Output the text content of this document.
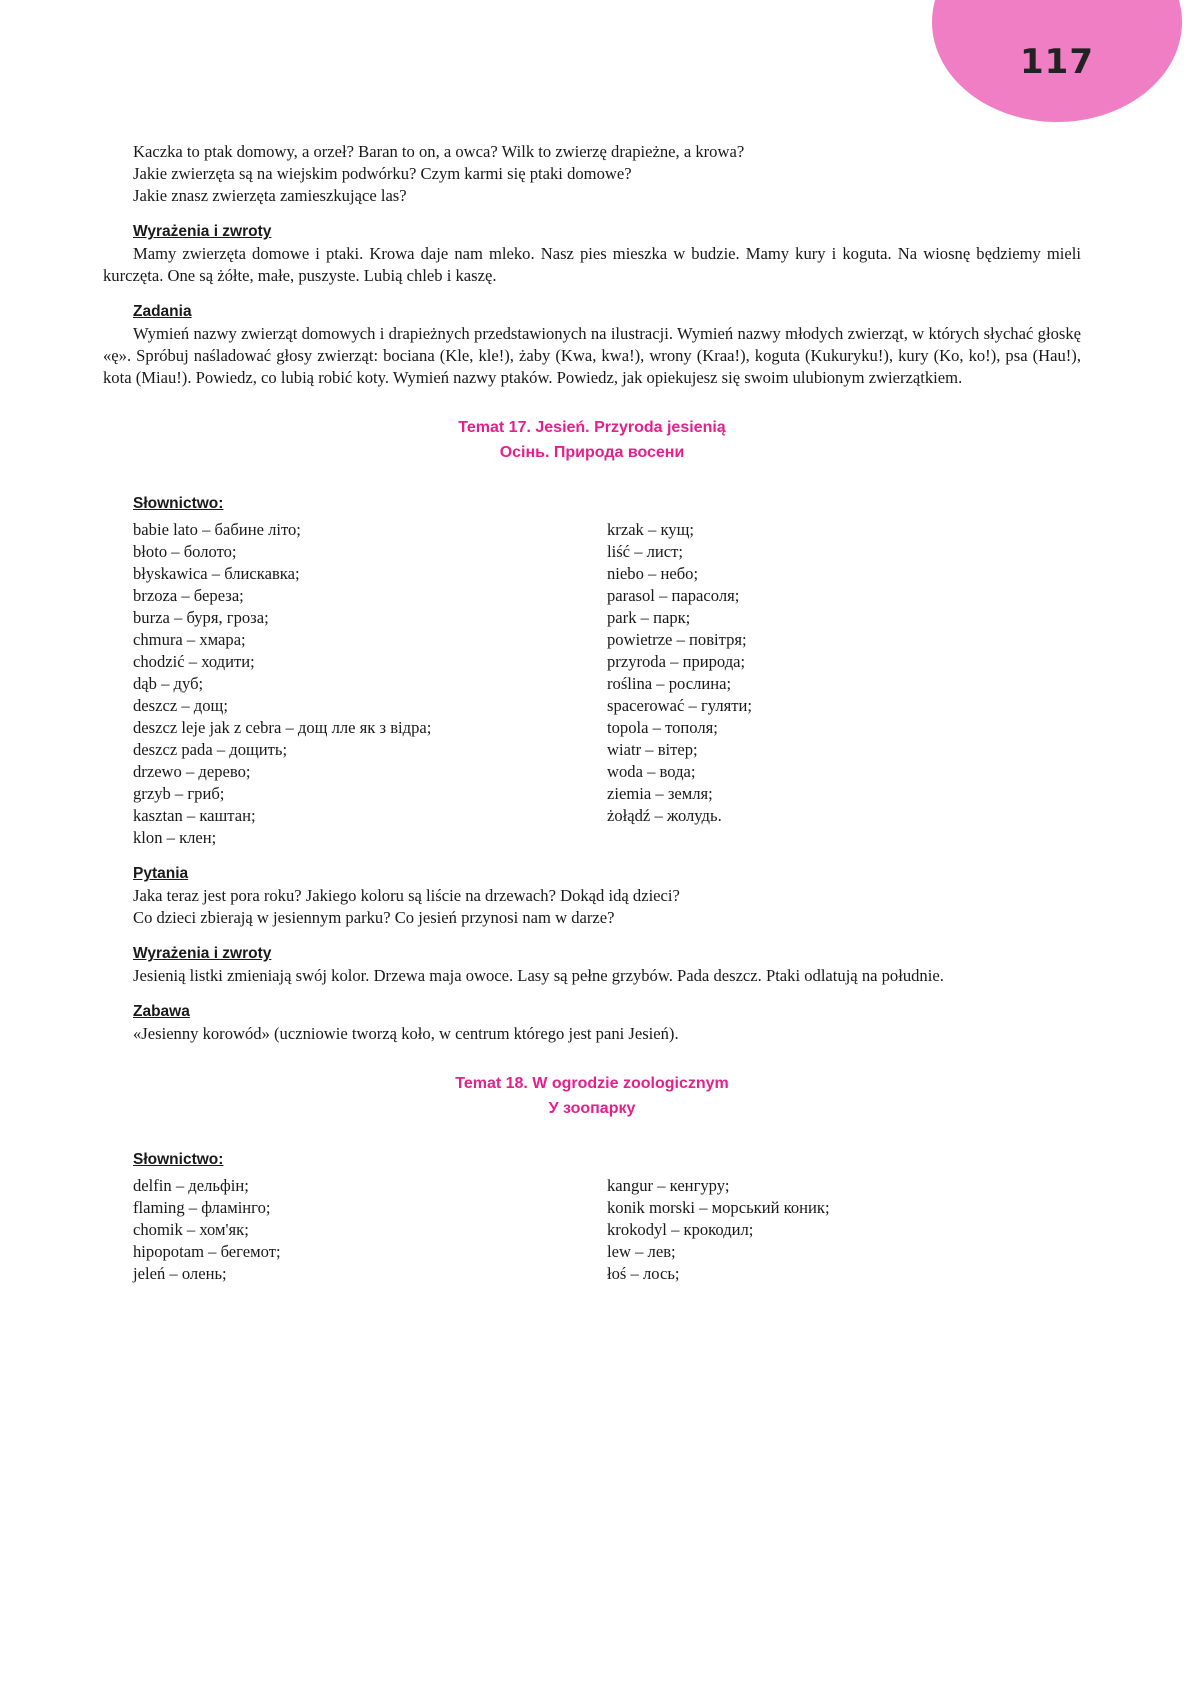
117

Kaczka to ptak domowy, a orzeł? Baran to on, a owca? Wilk to zwierzę drapieżne, a krowa?

Jakie zwierzęta są na wiejskim podwórku? Czym karmi się ptaki domowe?

Jakie znasz zwierzęta zamieszkujące las?

Wyrażenia i zwroty

Mamy zwierzęta domowe i ptaki. Krowa daje nam mleko. Nasz pies mieszka w budzie. Mamy kury i koguta. Na wiosnę będziemy mieli kurczęta. One są żółte, małe, puszyste. Lubią chleb i kaszę.

Zadania

Wymień nazwy zwierząt domowych i drapieżnych przedstawionych na ilustracji. Wymień nazwy młodych zwierząt, w których słychać głoskę «ę». Spróbuj naśladować głosy zwierząt: bociana (Kle, kle!), żaby (Kwa, kwa!), wrony (Kraa!), koguta (Kukuryku!), kury (Ko, ko!), psa (Hau!), kota (Miau!). Powiedz, co lubią robić koty. Wymień nazwy ptaków. Powiedz, jak opiekujesz się swoim ulubionym zwierzątkiem.

Temat 17. Jesień. Przyroda jesienią
Осінь. Природа восени
Słownictwo:

babie lato – бабине літо;

błoto – болото;

błyskawica – блискавка;

brzoza – береза;

burza – буря, гроза;

chmura – хмара;

chodzić – ходити;

dąb – дуб;

deszcz – дощ;

deszcz leje jak z cebra – дощ лле як з відра;

deszcz pada – дощить;

drzewo – дерево;

grzyb – гриб;

kasztan – каштан;

klon – клен;

krzak – кущ;

liść – лист;

niebo – небо;

parasol – парасоля;

park – парк;

powietrze – повітря;

przyroda – природа;

roślina – рослина;

spacerować – гуляти;

topola – тополя;

wiatr – вітер;

woda – вода;

ziemia – земля;

żołądź – жолудь.

Pytania

Jaka teraz jest pora roku? Jakiego koloru są liście na drzewach? Dokąd idą dzieci?

Co dzieci zbierają w jesiennym parku? Co jesień przynosi nam w darze?

Wyrażenia i zwroty

Jesienią listki zmieniają swój kolor. Drzewa maja owoce. Lasy są pełne grzybów. Pada deszcz. Ptaki odlatują na południe.

Zabawa

«Jesienny korowód» (uczniowie tworzą koło, w centrum którego jest pani Jesień).

Temat 18. W ogrodzie zoologicznym
У зоопарку
Słownictwo:

delfin – дельфін;

flaming – фламінго;

chomik – хом'як;

hipopotam – бегемот;

jeleń – олень;

kangur – кенгуру;

konik morski – морський коник;

krokodyl – крокодил;

lew – лев;

łoś – лось;
